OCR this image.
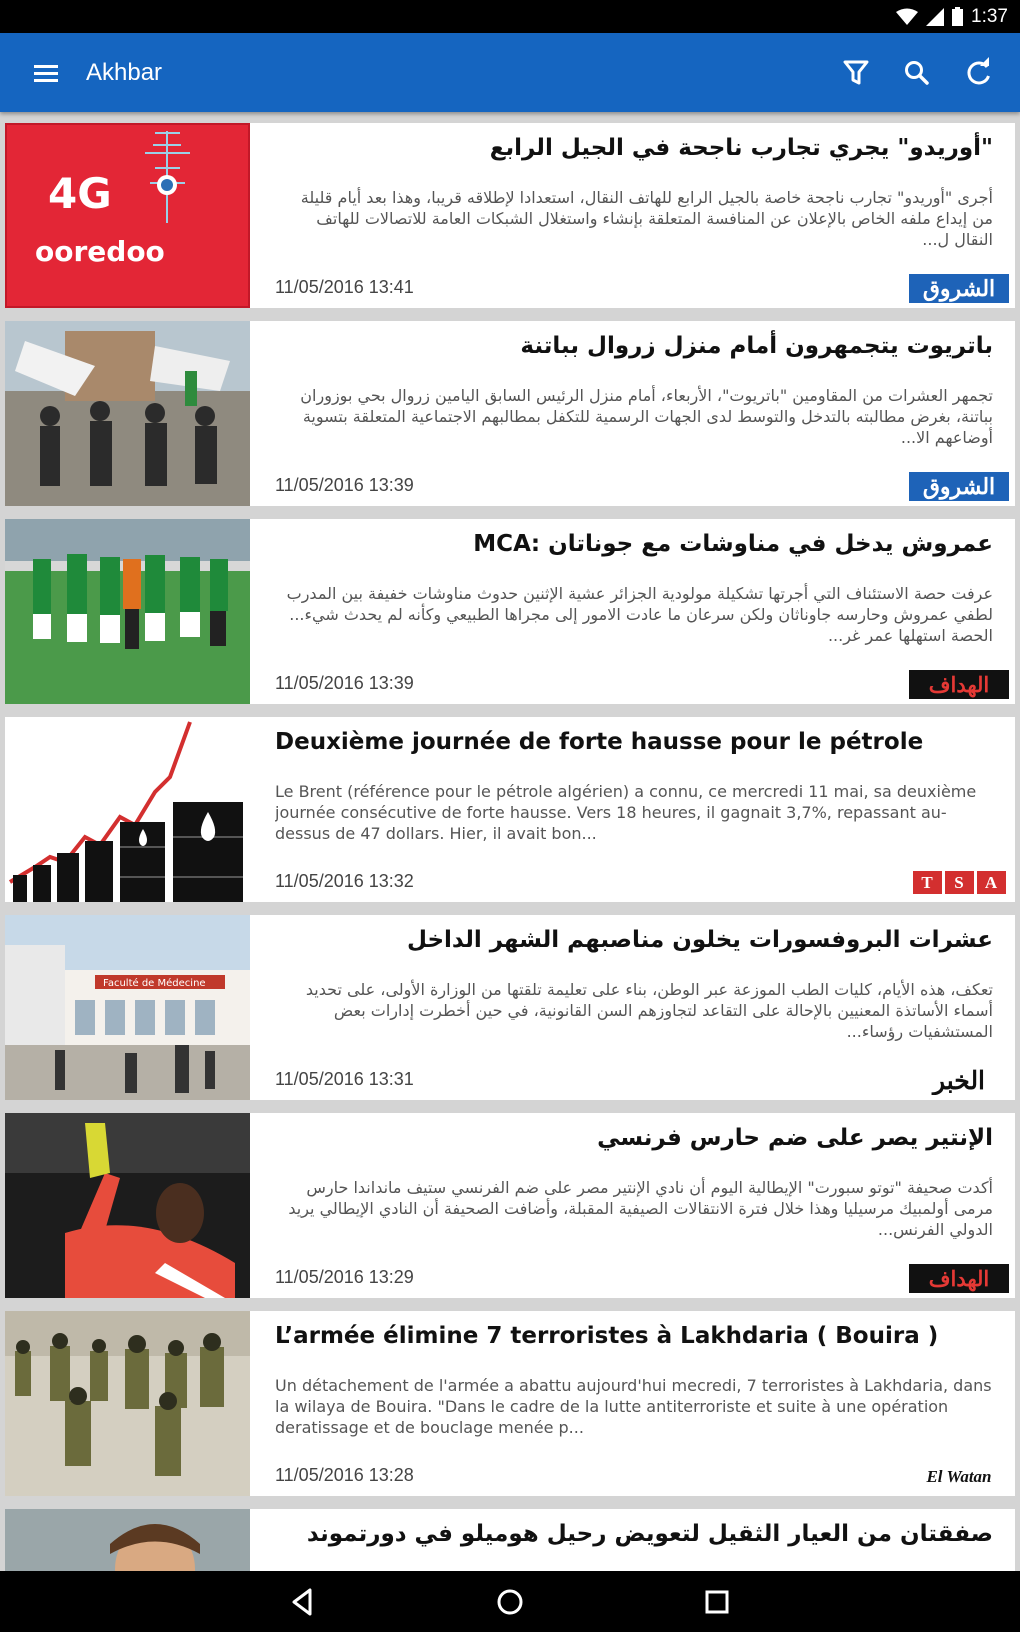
1:37
Akhbar
4G
ooredoo
"أوريدو" يجري تجارب ناجحة في الجيل الرابع
أجرى "أوريدو" تجارب ناجحة خاصة بالجيل الرابع للهاتف النقال، استعدادا لإطلاقه قريبا، وهذا بعد أيام قليلة من إيداع ملفه الخاص بالإعلان عن المنافسة المتعلقة بإنشاء واستغلال الشبكات العامة للاتصالات للهاتف النقال ل...
11/05/2016 13:41	الشروق
باتريوت يتجمهرون أمام منزل زروال بباتنة
تجمهر العشرات من المقاومين "باتريوت"، الأربعاء، أمام منزل الرئيس السابق اليامين زروال بحي بوزوران بباتنة، بغرض مطالبته بالتدخل والتوسط لدى الجهات الرسمية للتكفل بمطالبهم الاجتماعية المتعلقة بتسوية أوضاعهم الا...
11/05/2016 13:39	الشروق
عمروش يدخل في مناوشات مع جوناتان :MCA
عرفت حصة الاستئناف التي أجرتها تشكيلة مولودية الجزائر عشية الإثنين حدوث مناوشات خفيفة بين المدرب لطفي عمروش وحارسه جاوناثان ولكن سرعان ما عادت الامور إلى مجراها الطبيعي وكأنه لم يحدث شيء... الحصة استهلها عمر غر...
11/05/2016 13:39	الهداف
Deuxième journée de forte hausse pour le pétrole
Le Brent (référence pour le pétrole algérien) a connu, ce mercredi 11 mai, sa deuxième journée consécutive de forte hausse. Vers 18 heures, il gagnait 3,7%, repassant au-dessus de 47 dollars. Hier, il avait bon...
11/05/2016 13:32	T	S	A
Faculté de Médecine
عشرات البروفسورات يخلون مناصبهم الشهر الداخل
تعكف، هذه الأيام، كليات الطب الموزعة عبر الوطن، بناء على تعليمة تلقتها من الوزارة الأولى، على تحديد أسماء الأساتذة المعنيين بالإحالة على التقاعد لتجاوزهم السن القانونية، في حين أخطرت إدارات بعض المستشفيات رؤساء...
11/05/2016 13:31	الخبر
الإنتير يصر على ضم حارس فرنسي
أكدت صحيفة "توتو سبورت" الإيطالية اليوم أن نادي الإنتير مصر على ضم الفرنسي ستيف مانداندا حارس مرمى أولمبيك مرسيليا وهذا خلال فترة الانتقالات الصيفية المقبلة، وأضافت الصحيفة أن النادي الإيطالي يريد الدولي الفرنس...
11/05/2016 13:29	الهداف
L’armée élimine 7 terroristes à Lakhdaria ( Bouira )
Un détachement de l'armée a abattu aujourd'hui mecredi, 7 terroristes à Lakhdaria, dans la wilaya de Bouira. "Dans le cadre de la lutte antiterroriste et suite à une opération deratissage et de bouclage menée p...
11/05/2016 13:28	El Watan
صفقتان من العيار الثقيل لتعويض رحيل هوميلو في دورتموند
